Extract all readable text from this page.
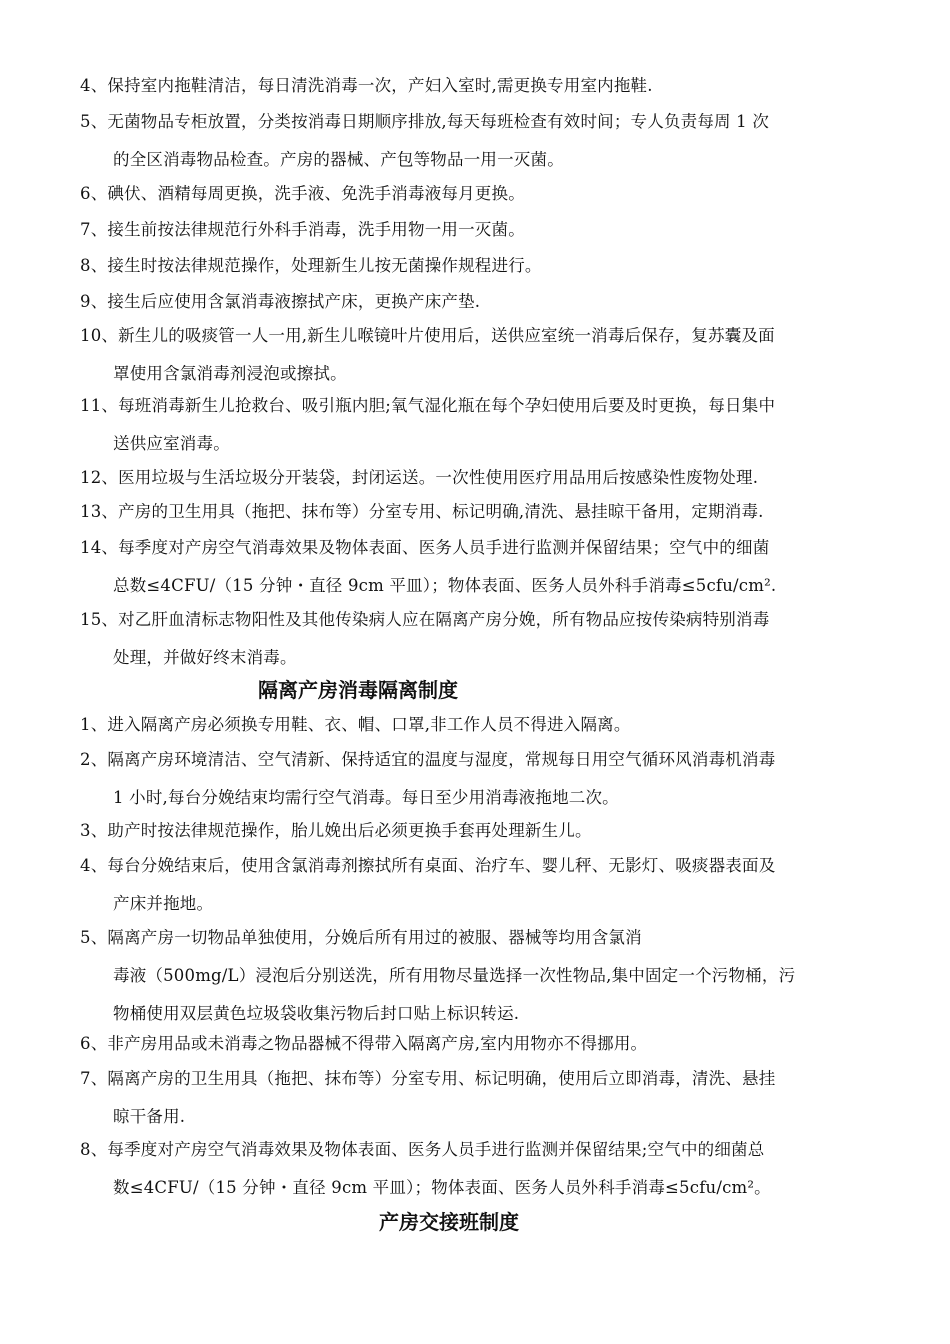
4、保持室内拖鞋清洁，每日清洗消毒一次，产妇入室时,需更换专用室内拖鞋.
5、无菌物品专柜放置，分类按消毒日期顺序排放,每天每班检查有效时间；专人负责每周 1 次
的全区消毒物品检查。产房的器械、产包等物品一用一灭菌。
6、碘伏、酒精每周更换，洗手液、免洗手消毒液每月更换。
7、接生前按法律规范行外科手消毒，洗手用物一用一灭菌。
8、接生时按法律规范操作，处理新生儿按无菌操作规程进行。
9、接生后应使用含氯消毒液擦拭产床，更换产床产垫.
10、新生儿的吸痰管一人一用,新生儿喉镜叶片使用后，送供应室统一消毒后保存，复苏囊及面
罩使用含氯消毒剂浸泡或擦拭。
11、每班消毒新生儿抢救台、吸引瓶内胆;氧气湿化瓶在每个孕妇使用后要及时更换，每日集中
送供应室消毒。
12、医用垃圾与生活垃圾分开装袋，封闭运送。一次性使用医疗用品用后按感染性废物处理.
13、产房的卫生用具（拖把、抹布等）分室专用、标记明确,清洗、悬挂晾干备用，定期消毒.
14、每季度对产房空气消毒效果及物体表面、医务人员手进行监测并保留结果；空气中的细菌
总数≤4CFU/（15 分钟・直径 9cm 平皿）；物体表面、医务人员外科手消毒≤5cfu/cm².
15、对乙肝血清标志物阳性及其他传染病人应在隔离产房分娩，所有物品应按传染病特别消毒
处理，并做好终末消毒。
隔离产房消毒隔离制度
1、进入隔离产房必须换专用鞋、衣、帽、口罩,非工作人员不得进入隔离。
2、隔离产房环境清洁、空气清新、保持适宜的温度与湿度，常规每日用空气循环风消毒机消毒
1 小时,每台分娩结束均需行空气消毒。每日至少用消毒液拖地二次。
3、助产时按法律规范操作，胎儿娩出后必须更换手套再处理新生儿。
4、每台分娩结束后，使用含氯消毒剂擦拭所有桌面、治疗车、婴儿秤、无影灯、吸痰器表面及
产床并拖地。
5、隔离产房一切物品单独使用，分娩后所有用过的被服、器械等均用含氯消
毒液（500mg/L）浸泡后分别送洗，所有用物尽量选择一次性物品,集中固定一个污物桶，污
物桶使用双层黄色垃圾袋收集污物后封口贴上标识转运.
6、非产房用品或未消毒之物品器械不得带入隔离产房,室内用物亦不得挪用。
7、隔离产房的卫生用具（拖把、抹布等）分室专用、标记明确，使用后立即消毒，清洗、悬挂
晾干备用.
8、每季度对产房空气消毒效果及物体表面、医务人员手进行监测并保留结果;空气中的细菌总
数≤4CFU/（15 分钟・直径 9cm 平皿）；物体表面、医务人员外科手消毒≤5cfu/cm²。
产房交接班制度
